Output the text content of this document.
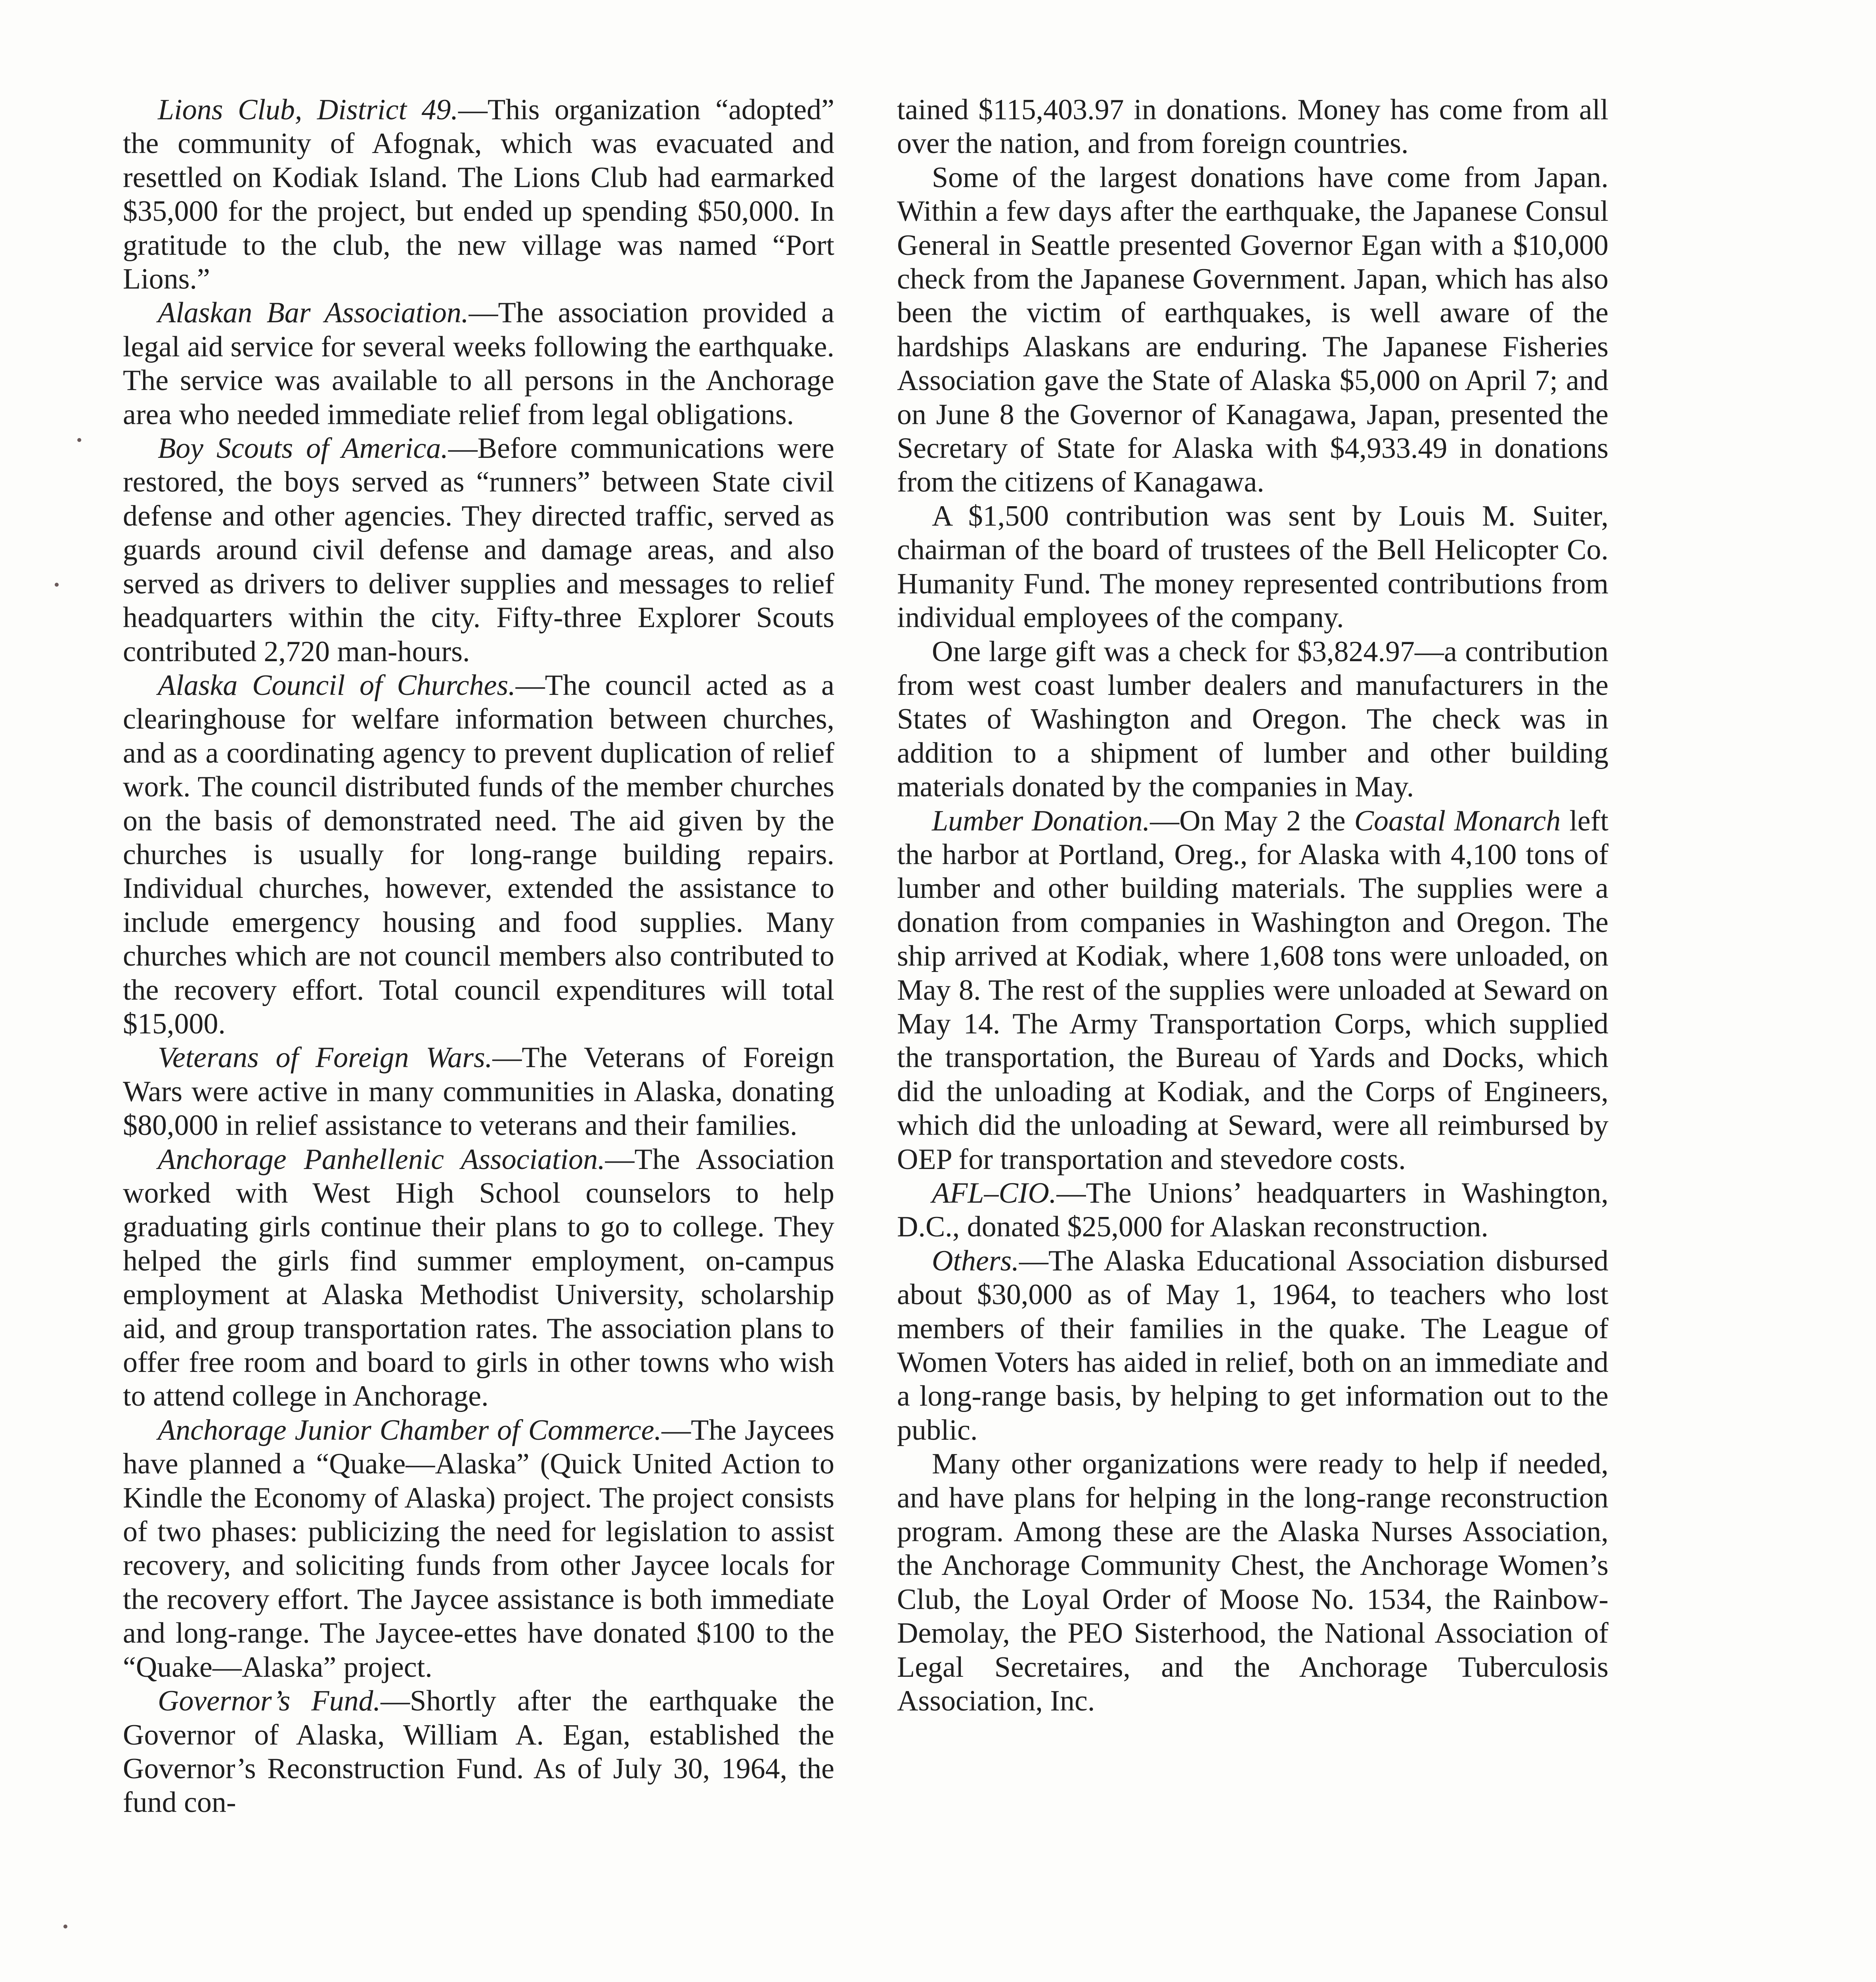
Lions Club, District 49.—This organization “adopted” the community of Afognak, which was evacuated and resettled on Kodiak Island. The Lions Club had earmarked $35,000 for the project, but ended up spending $50,000. In gratitude to the club, the new village was named “Port Lions.”

Alaskan Bar Association.—The association provided a legal aid service for several weeks following the earthquake. The service was available to all persons in the Anchorage area who needed immediate relief from legal obligations.

Boy Scouts of America.—Before communications were restored, the boys served as “runners” between State civil defense and other agencies. They directed traffic, served as guards around civil defense and damage areas, and also served as drivers to deliver supplies and messages to relief headquarters within the city. Fifty-three Explorer Scouts contributed 2,720 man-hours.

Alaska Council of Churches.—The council acted as a clearinghouse for welfare information between churches, and as a coordinating agency to prevent duplication of relief work. The council distributed funds of the member churches on the basis of demonstrated need. The aid given by the churches is usually for long-range building repairs. Individual churches, however, extended the assistance to include emergency housing and food supplies. Many churches which are not council members also contributed to the recovery effort. Total council expenditures will total $15,000.

Veterans of Foreign Wars.—The Veterans of Foreign Wars were active in many communities in Alaska, donating $80,000 in relief assistance to veterans and their families.

Anchorage Panhellenic Association.—The Association worked with West High School counselors to help graduating girls continue their plans to go to college. They helped the girls find summer employment, on-campus employment at Alaska Methodist University, scholarship aid, and group transportation rates. The association plans to offer free room and board to girls in other towns who wish to attend college in Anchorage.

Anchorage Junior Chamber of Commerce.—The Jaycees have planned a “Quake—Alaska” (Quick United Action to Kindle the Economy of Alaska) project. The project consists of two phases: publicizing the need for legislation to assist recovery, and soliciting funds from other Jaycee locals for the recovery effort. The Jaycee assistance is both immediate and long-range. The Jaycee-ettes have donated $100 to the “Quake—Alaska” project.

Governor’s Fund.—Shortly after the earthquake the Governor of Alaska, William A. Egan, established the Governor’s Reconstruction Fund. As of July 30, 1964, the fund con-

tained $115,403.97 in donations. Money has come from all over the nation, and from foreign countries.

Some of the largest donations have come from Japan. Within a few days after the earthquake, the Japanese Consul General in Seattle presented Governor Egan with a $10,000 check from the Japanese Government. Japan, which has also been the victim of earthquakes, is well aware of the hardships Alaskans are enduring. The Japanese Fisheries Association gave the State of Alaska $5,000 on April 7; and on June 8 the Governor of Kanagawa, Japan, presented the Secretary of State for Alaska with $4,933.49 in donations from the citizens of Kanagawa.

A $1,500 contribution was sent by Louis M. Suiter, chairman of the board of trustees of the Bell Helicopter Co. Humanity Fund. The money represented contributions from individual employees of the company.

One large gift was a check for $3,824.97—a contribution from west coast lumber dealers and manufacturers in the States of Washington and Oregon. The check was in addition to a shipment of lumber and other building materials donated by the companies in May.

Lumber Donation.—On May 2 the Coastal Monarch left the harbor at Portland, Oreg., for Alaska with 4,100 tons of lumber and other building materials. The supplies were a donation from companies in Washington and Oregon. The ship arrived at Kodiak, where 1,608 tons were unloaded, on May 8. The rest of the supplies were unloaded at Seward on May 14. The Army Transportation Corps, which supplied the transportation, the Bureau of Yards and Docks, which did the unloading at Kodiak, and the Corps of Engineers, which did the unloading at Seward, were all reimbursed by OEP for transportation and stevedore costs.

AFL–CIO.—The Unions’ headquarters in Washington, D.C., donated $25,000 for Alaskan reconstruction.

Others.—The Alaska Educational Association disbursed about $30,000 as of May 1, 1964, to teachers who lost members of their families in the quake. The League of Women Voters has aided in relief, both on an immediate and a long-range basis, by helping to get information out to the public.

Many other organizations were ready to help if needed, and have plans for helping in the long-range reconstruction program. Among these are the Alaska Nurses Association, the Anchorage Community Chest, the Anchorage Women’s Club, the Loyal Order of Moose No. 1534, the Rainbow-Demolay, the PEO Sisterhood, the National Association of Legal Secretaires, and the Anchorage Tuberculosis Association, Inc.
